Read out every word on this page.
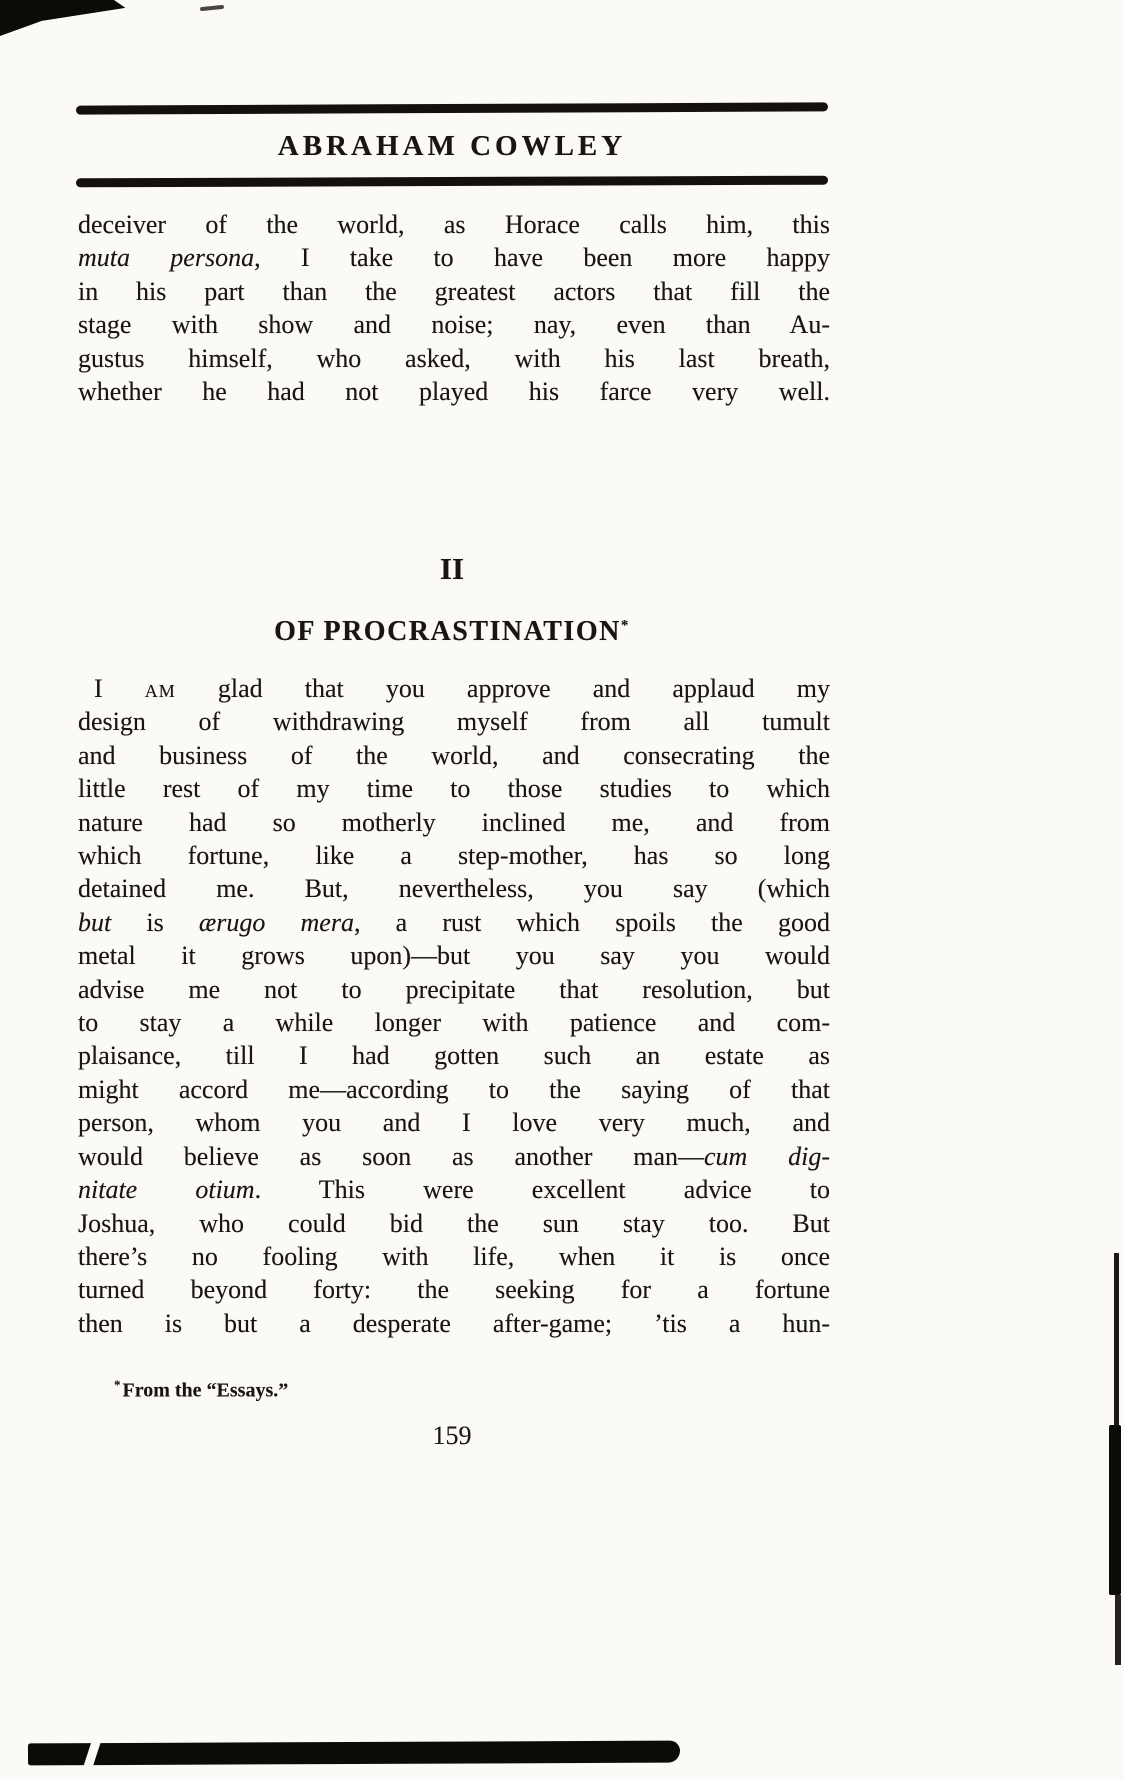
ABRAHAM COWLEY
deceiver of the world, as Horace calls him, this
muta persona, I take to have been more happy
in his part than the greatest actors that fill the
stage with show and noise; nay, even than Au-
gustus himself, who asked, with his last breath,
whether he had not played his farce very well.
II
OF PROCRASTINATION*
I am glad that you approve and applaud my
design of withdrawing myself from all tumult
and business of the world, and consecrating the
little rest of my time to those studies to which
nature had so motherly inclined me, and from
which fortune, like a step-mother, has so long
detained me. But, nevertheless, you say (which
but is ærugo mera, a rust which spoils the good
metal it grows upon)—but you say you would
advise me not to precipitate that resolution, but
to stay a while longer with patience and com-
plaisance, till I had gotten such an estate as
might accord me—according to the saying of that
person, whom you and I love very much, and
would believe as soon as another man—cum dig-
nitate otium. This were excellent advice to
Joshua, who could bid the sun stay too. But
there’s no fooling with life, when it is once
turned beyond forty: the seeking for a fortune
then is but a desperate after-game; ’tis a hun-
* From the “Essays.”
159
